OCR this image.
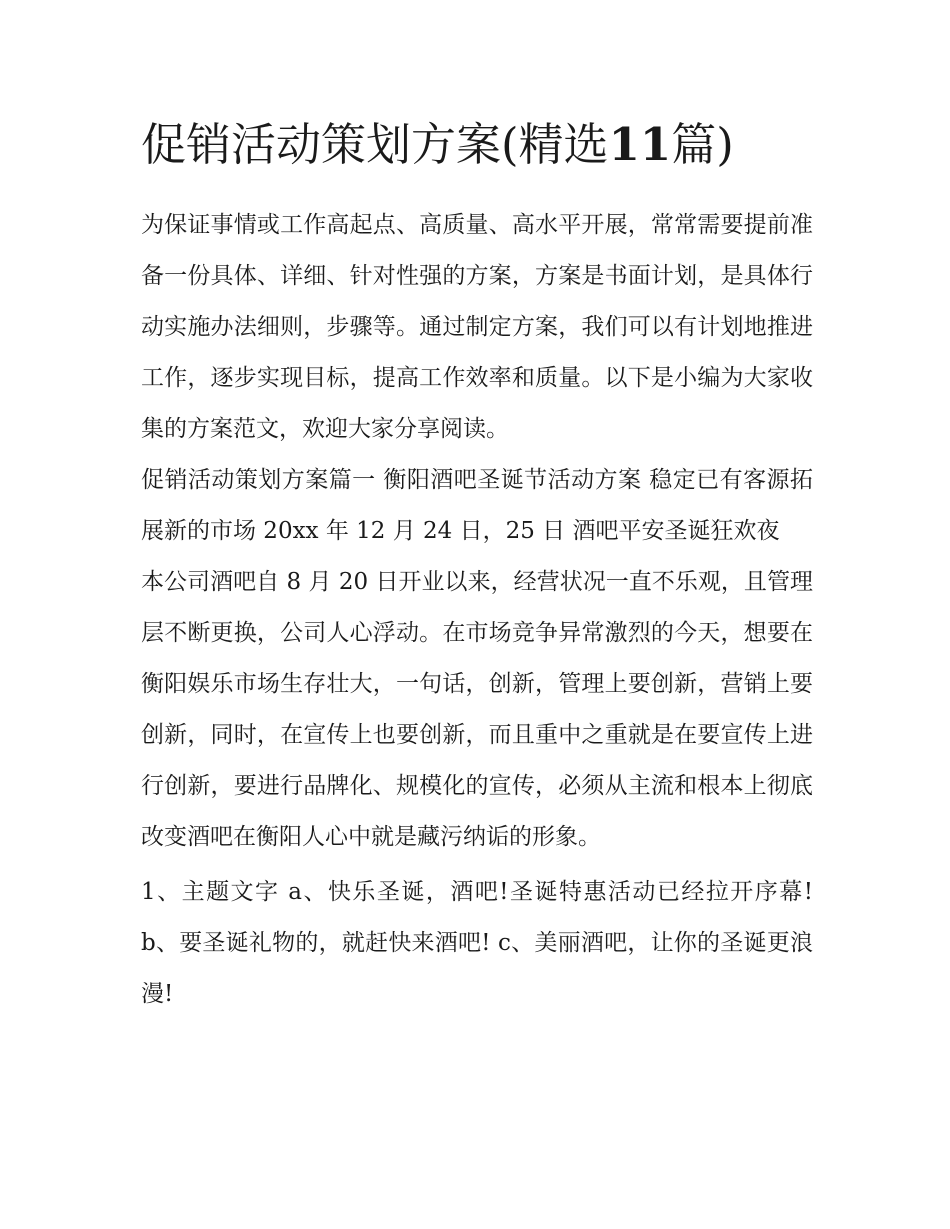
促销活动策划方案(精选11篇)

为保证事情或工作高起点、高质量、高水平开展，常常需要提前准备一份具体、详细、针对性强的方案，方案是书面计划，是具体行动实施办法细则，步骤等。通过制定方案，我们可以有计划地推进工作，逐步实现目标，提高工作效率和质量。以下是小编为大家收集的方案范文，欢迎大家分享阅读。

促销活动策划方案篇一 衡阳酒吧圣诞节活动方案 稳定已有客源拓展新的市场 20xx 年 12 月 24 日，25 日 酒吧平安圣诞狂欢夜

本公司酒吧自 8 月 20 日开业以来，经营状况一直不乐观，且管理层不断更换，公司人心浮动。在市场竞争异常激烈的今天，想要在衡阳娱乐市场生存壮大，一句话，创新，管理上要创新，营销上要创新，同时，在宣传上也要创新，而且重中之重就是在要宣传上进行创新，要进行品牌化、规模化的宣传，必须从主流和根本上彻底改变酒吧在衡阳人心中就是藏污纳诟的形象。

1、主题文字 a、快乐圣诞，酒吧!圣诞特惠活动已经拉开序幕! b、要圣诞礼物的，就赶快来酒吧! c、美丽酒吧，让你的圣诞更浪漫!
